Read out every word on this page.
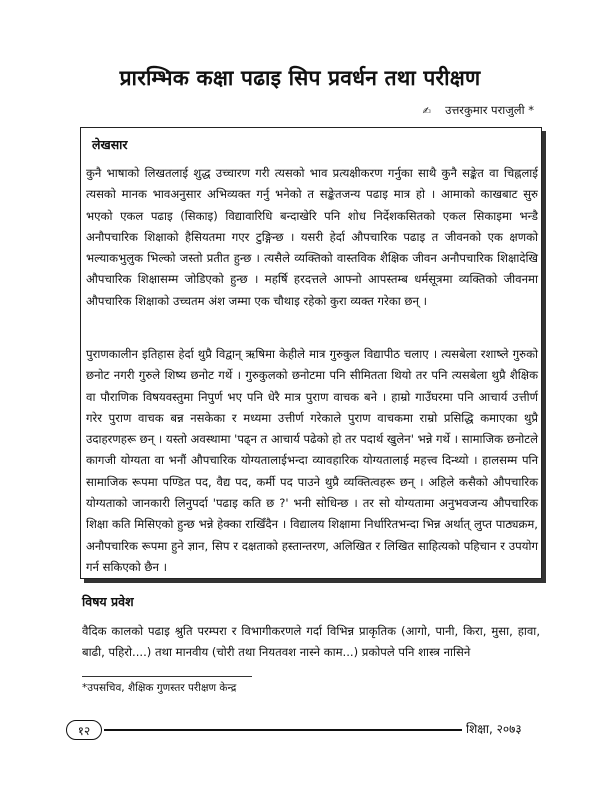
प्रारम्भिक कक्षा पढाइ सिप प्रवर्धन तथा परीक्षण
✍ उत्तरकुमार पराजुली *
लेखसार

कुनै भाषाको लिखतलाई शुद्ध उच्चारण गरी त्यसको भाव प्रत्यक्षीकरण गर्नुका साथै कुनै सङ्केत वा चिह्नलाई त्यसको मानक भावअनुसार अभिव्यक्त गर्नु भनेको त सङ्केतजन्य पढाइ मात्र हो । आमाको काखबाट सुरु भएको एकल पढाइ (सिकाइ) विद्यावारिधि बन्दाखेरि पनि शोध निर्देशकसितको एकल सिकाइमा भन्डै अनौपचारिक शिक्षाको हैसियतमा गएर टुङ्गिन्छ । यसरी हेर्दा औपचारिक पढाइ त जीवनको एक क्षणको भल्याकभुलुक भिल्को जस्तो प्रतीत हुन्छ । त्यसैले व्यक्तिको वास्तविक शैक्षिक जीवन अनौपचारिक शिक्षादेखि औपचारिक शिक्षासम्म जोडिएको हुन्छ । महर्षि हरदत्तले आफ्नो आपस्तम्ब धर्मसूत्रमा व्यक्तिको जीवनमा औपचारिक शिक्षाको उच्चतम अंश जम्मा एक चौथाइ रहेको कुरा व्यक्त गरेका छन् ।

पुराणकालीन इतिहास हेर्दा थुप्रै विद्वान् ऋषिमा केहीले मात्र गुरुकुल विद्यापीठ चलाए । त्यसबेला रशाष्ले गुरुको छनोट नगरी गुरुले शिष्य छनोट गर्थे । गुरुकुलको छनोटमा पनि सीमितता थियो तर पनि त्यसबेला थुप्रै शैक्षिक वा पौराणिक विषयवस्तुमा निपुर्ण भए पनि धेरै मात्र पुराण वाचक बने । हाम्रो गाउँघरमा पनि आचार्य उत्तीर्ण गरेर पुराण वाचक बन्न नसकेका र मध्यमा उत्तीर्ण गरेकाले पुराण वाचकमा राम्रो प्रसिद्धि कमाएका थुप्रै उदाहरणहरू छन् । यस्तो अवस्थामा 'पढ्न त आचार्य पढेको हो तर पदार्थ खुलेन' भन्ने गर्थे । सामाजिक छनोटले कागजी योग्यता वा भनौं औपचारिक योग्यतालाईभन्दा व्यावहारिक योग्यतालाई महत्त्व दिन्थ्यो । हालसम्म पनि सामाजिक रूपमा पण्डित पद, वैद्य पद, कर्मी पद पाउने थुप्रै व्यक्तित्वहरू छन् । अहिले कसैको औपचारिक योग्यताको जानकारी लिनुपर्दा 'पढाइ कति छ ?' भनी सोधिन्छ । तर सो योग्यतामा अनुभवजन्य औपचारिक शिक्षा कति मिसिएको हुन्छ भन्ने हेक्का राखिँदैन । विद्यालय शिक्षामा निर्धारितभन्दा भिन्न अर्थात् लुप्त पाठ्यक्रम, अनौपचारिक रूपमा हुने ज्ञान, सिप र दक्षताको हस्तान्तरण, अलिखित र लिखित साहित्यको पहिचान र उपयोग गर्न सकिएको छैन ।

विषय प्रवेश

वैदिक कालको पढाइ श्रुति परम्परा र विभागीकरणले गर्दा विभिन्न प्राकृतिक (आगो, पानी, किरा, मुसा, हावा, बाढी, पहिरो....) तथा मानवीय (चोरी तथा नियतवश नास्ने काम...) प्रकोपले पनि शास्त्र नासिने

*उपसचिव, शैक्षिक गुणस्तर परीक्षण केन्द्र
१२	शिक्षा, २०७३
